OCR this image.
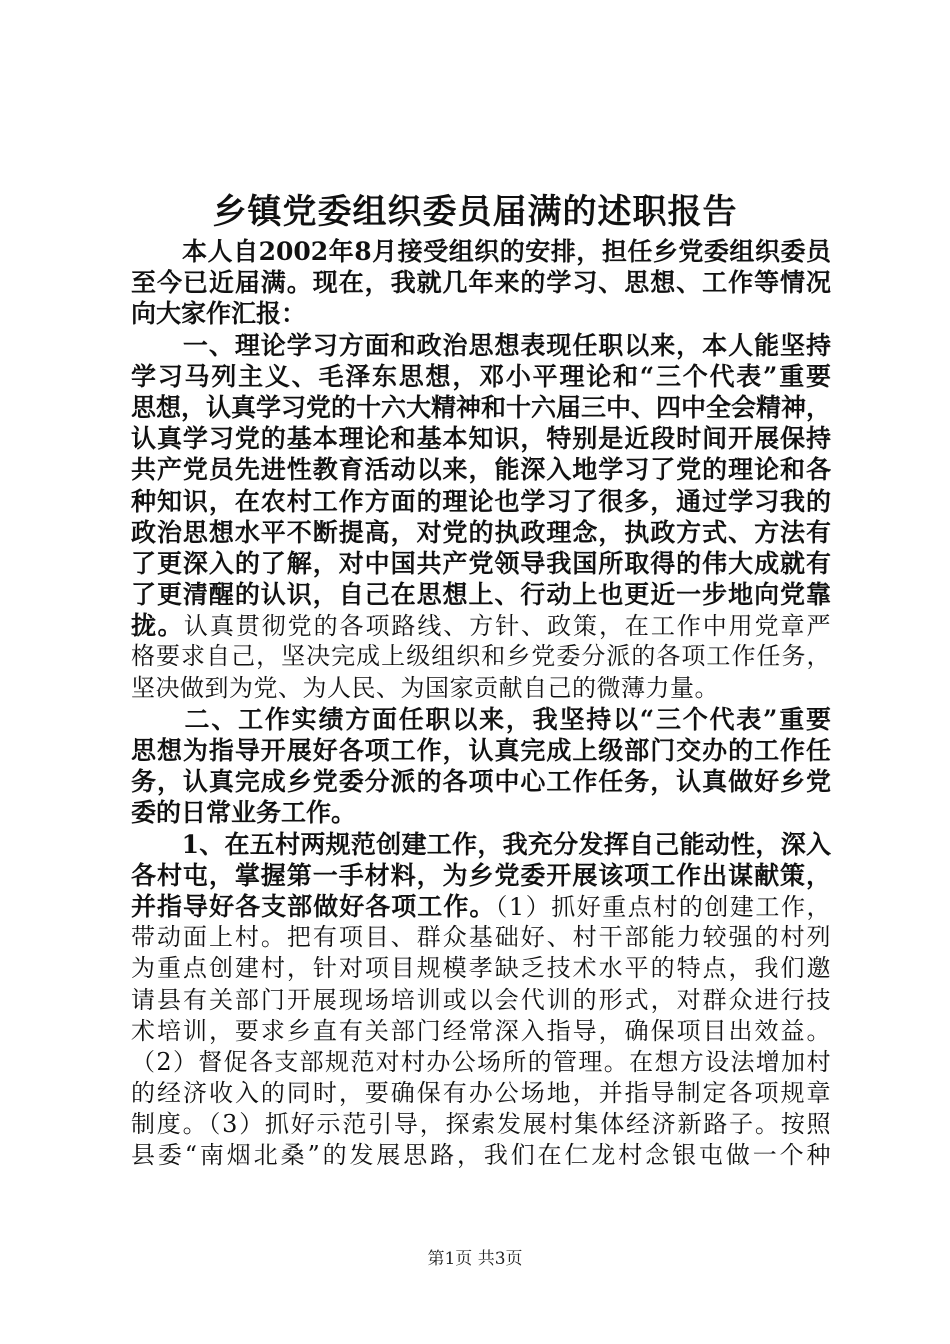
乡镇党委组织委员届满的述职报告
　　本人自2002年8月接受组织的安排，担任乡党委组织委员
至今已近届满。现在，我就几年来的学习、思想、工作等情况
向大家作汇报：
　　一、理论学习方面和政治思想表现任职以来，本人能坚持
学习马列主义、毛泽东思想，邓小平理论和“三个代表”重要
思想，认真学习党的十六大精神和十六届三中、四中全会精神，
认真学习党的基本理论和基本知识，特别是近段时间开展保持
共产党员先进性教育活动以来，能深入地学习了党的理论和各
种知识，在农村工作方面的理论也学习了很多，通过学习我的
政治思想水平不断提高，对党的执政理念，执政方式、方法有
了更深入的了解，对中国共产党领导我国所取得的伟大成就有
了更清醒的认识，自己在思想上、行动上也更近一步地向党靠
拢。认真贯彻党的各项路线、方针、政策，在工作中用党章严
格要求自己，坚决完成上级组织和乡党委分派的各项工作任务，
坚决做到为党、为人民、为国家贡献自己的微薄力量。
　　二、工作实绩方面任职以来，我坚持以“三个代表”重要
思想为指导开展好各项工作，认真完成上级部门交办的工作任
务，认真完成乡党委分派的各项中心工作任务，认真做好乡党
委的日常业务工作。
　　1、在五村两规范创建工作，我充分发挥自己能动性，深入
各村屯，掌握第一手材料，为乡党委开展该项工作出谋献策，
并指导好各支部做好各项工作。（1）抓好重点村的创建工作，
带动面上村。把有项目、群众基础好、村干部能力较强的村列
为重点创建村，针对项目规模孝缺乏技术水平的特点，我们邀
请县有关部门开展现场培训或以会代训的形式，对群众进行技
术培训，要求乡直有关部门经常深入指导，确保项目出效益。
（2）督促各支部规范对村办公场所的管理。在想方设法增加村
的经济收入的同时，要确保有办公场地，并指导制定各项规章
制度。（3）抓好示范引导，探索发展村集体经济新路子。按照
县委“南烟北桑”的发展思路，我们在仁龙村念银屯做一个种
第1页 共3页
